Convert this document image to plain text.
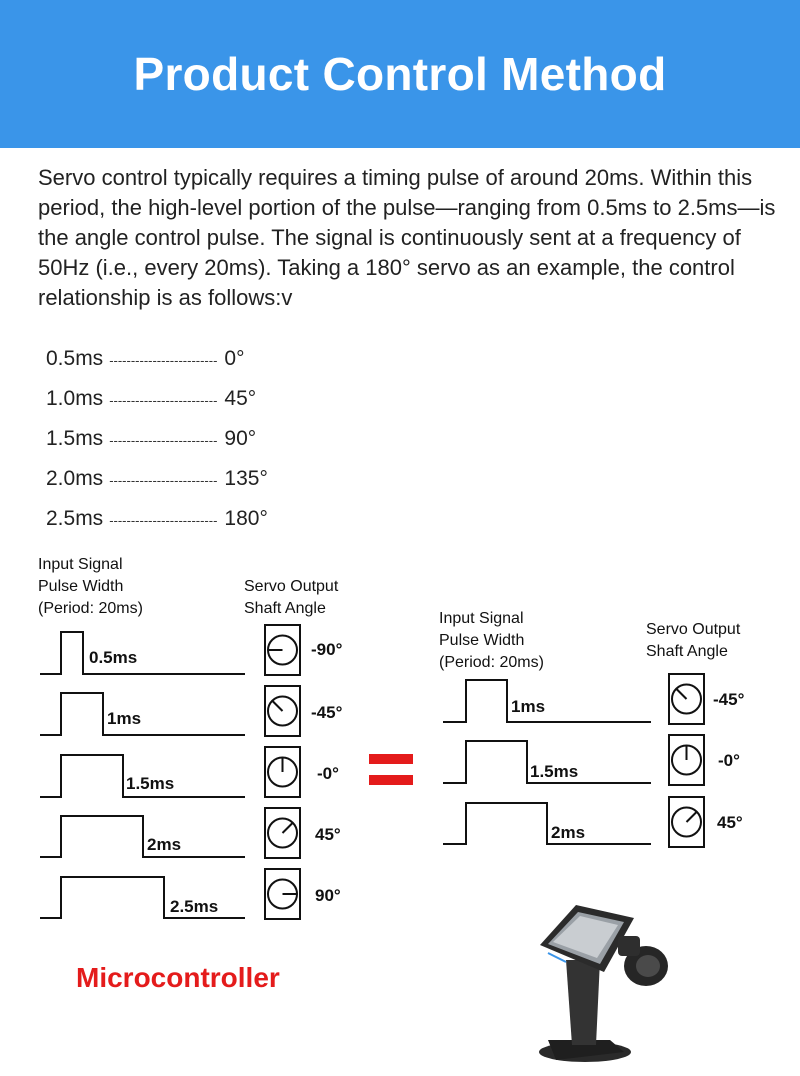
Product Control Method
Servo control typically requires a timing pulse of around 20ms. Within this period, the high-level portion of the pulse—ranging from 0.5ms to 2.5ms—is the angle control pulse. The signal is continuously sent at a frequency of 50Hz (i.e., every 20ms). Taking a 180° servo as an example, the control relationship is as follows:v
0.5ms ------------------------- 0°
1.0ms ------------------------- 45°
1.5ms ------------------------- 90°
2.0ms ------------------------- 135°
2.5ms ------------------------- 180°
Input Signal
Pulse Width
(Period: 20ms)
Servo Output
Shaft Angle
Input Signal
Pulse Width
(Period: 20ms)
Servo Output
Shaft Angle
0.5ms
1ms
1.5ms
2ms
2.5ms
-90°
-45°
-0°
45°
90°
1ms
1.5ms
2ms
-45°
-0°
45°
Microcontroller
